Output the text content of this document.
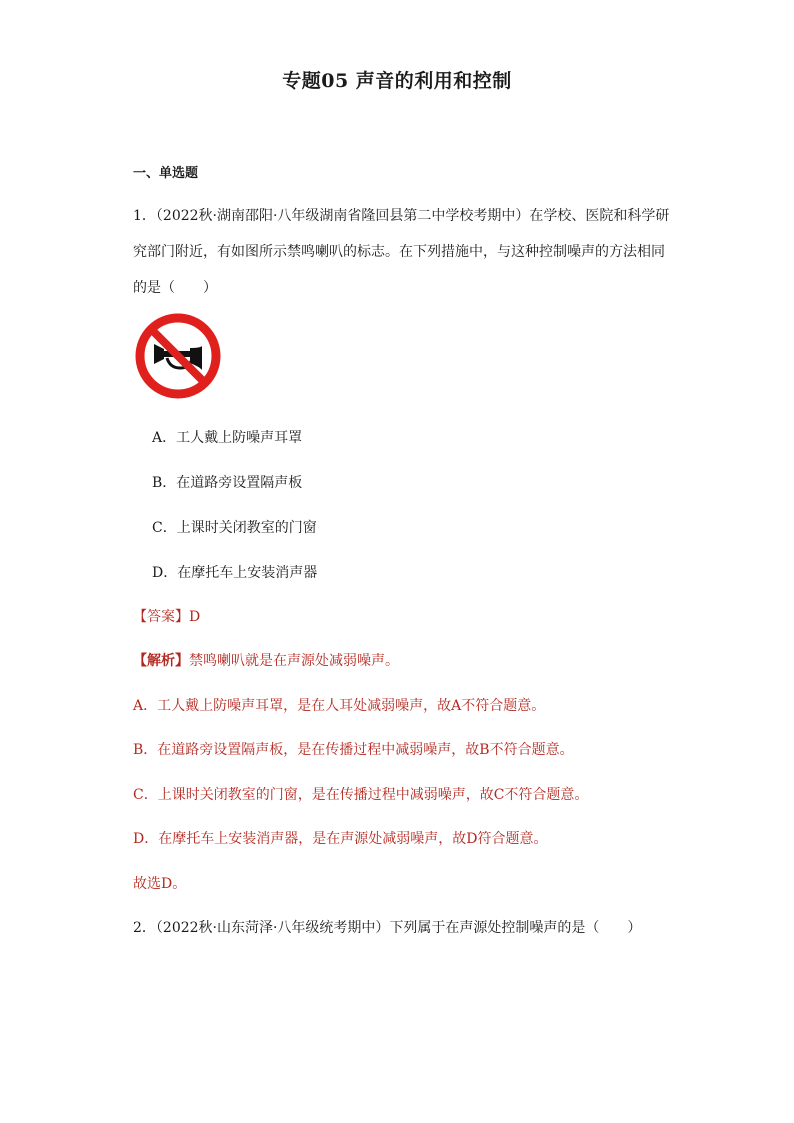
专题05 声音的利用和控制
一、单选题
1．（2022秋·湖南邵阳·八年级湖南省隆回县第二中学校考期中）在学校、医院和科学研究部门附近，有如图所示禁鸣喇叭的标志。在下列措施中，与这种控制噪声的方法相同的是（　　）
A．工人戴上防噪声耳罩
B．在道路旁设置隔声板
C．上课时关闭教室的门窗
D．在摩托车上安装消声器
【答案】D
【解析】禁鸣喇叭就是在声源处减弱噪声。
A．工人戴上防噪声耳罩，是在人耳处减弱噪声，故A不符合题意。
B．在道路旁设置隔声板，是在传播过程中减弱噪声，故B不符合题意。
C．上课时关闭教室的门窗，是在传播过程中减弱噪声，故C不符合题意。
D．在摩托车上安装消声器，是在声源处减弱噪声，故D符合题意。
故选D。
2．（2022秋·山东菏泽·八年级统考期中）下列属于在声源处控制噪声的是（　　）
